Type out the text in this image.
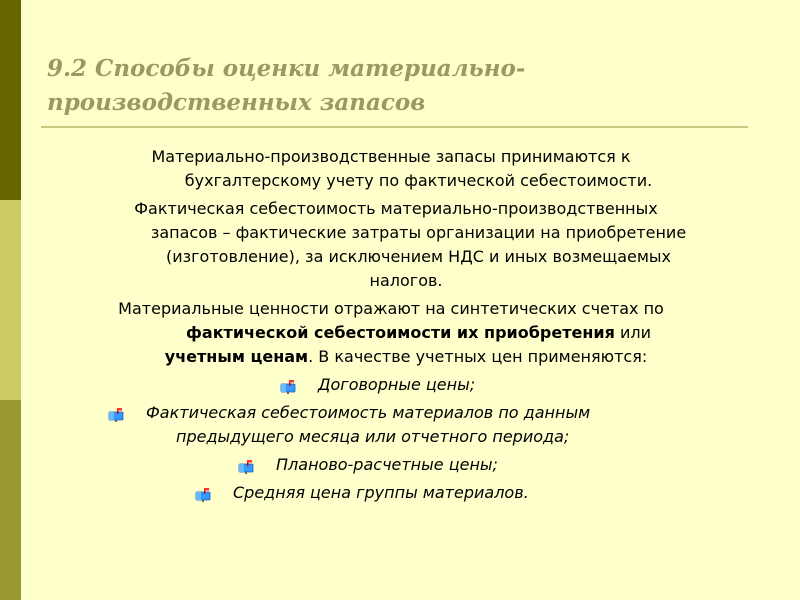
9.2 Способы оценки материально-производственных запасов
Материально-производственные запасы принимаются к
бухгалтерскому учету по фактической себестоимости.
Фактическая себестоимость материально-производственных
запасов – фактические затраты организации на приобретение
(изготовление), за исключением НДС и иных возмещаемых
налогов.
Материальные ценности отражают на синтетических счетах по
фактической себестоимости их приобретения или
учетным ценам. В качестве учетных цен применяются:
Договорные цены;
Фактическая себестоимость материалов по данным
предыдущего месяца или отчетного периода;
Планово-расчетные цены;
Средняя цена группы материалов.
